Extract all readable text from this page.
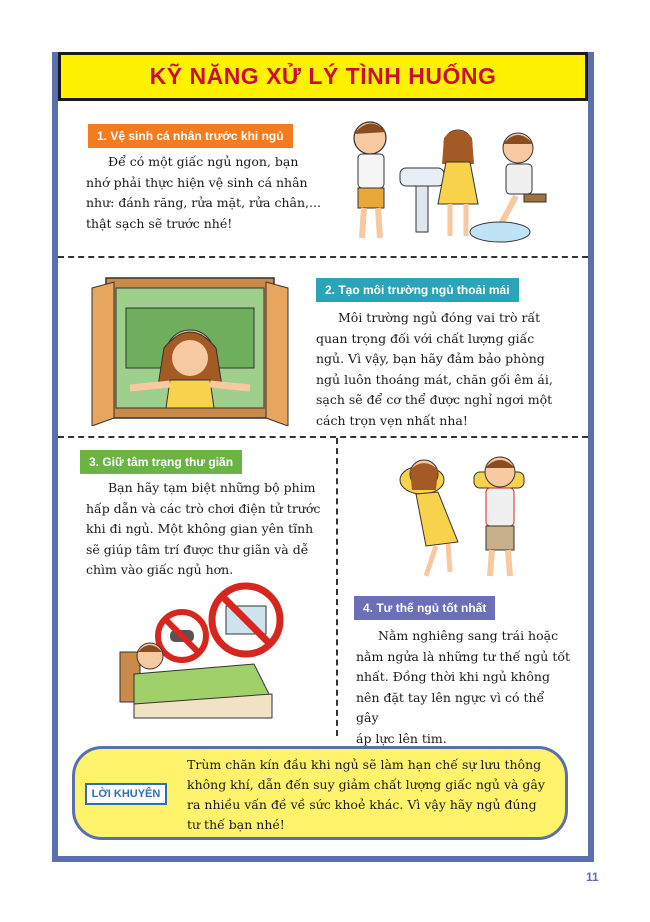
KỸ NĂNG XỬ LÝ TÌNH HUỐNG
1. Vệ sinh cá nhân trước khi ngủ
Để có một giấc ngủ ngon, bạn
nhớ phải thực hiện vệ sinh cá nhân
như: đánh răng, rửa mặt, rửa chân,...
thật sạch sẽ trước nhé!
2. Tạo môi trường ngủ thoải mái
Môi trường ngủ đóng vai trò rất
quan trọng đối với chất lượng giấc
ngủ. Vì vậy, bạn hãy đảm bảo phòng
ngủ luôn thoáng mát, chăn gối êm ái,
sạch sẽ để cơ thể được nghỉ ngơi một
cách trọn vẹn nhất nha!
3. Giữ tâm trạng thư giãn
Bạn hãy tạm biệt những bộ phim
hấp dẫn và các trò chơi điện tử trước
khi đi ngủ. Một không gian yên tĩnh
sẽ giúp tâm trí được thư giãn và dễ
chìm vào giấc ngủ hơn.
4. Tư thế ngủ tốt nhất
Nằm nghiêng sang trái hoặc
nằm ngửa là những tư thế ngủ tốt
nhất. Đồng thời khi ngủ không
nên đặt tay lên ngực vì có thể gây
áp lực lên tim.
LỜI KHUYÊN
Trùm chăn kín đầu khi ngủ sẽ làm hạn chế sự lưu thông
không khí, dẫn đến suy giảm chất lượng giấc ngủ và gây
ra nhiều vấn đề về sức khoẻ khác. Vì vậy hãy ngủ đúng
tư thế bạn nhé!
11
